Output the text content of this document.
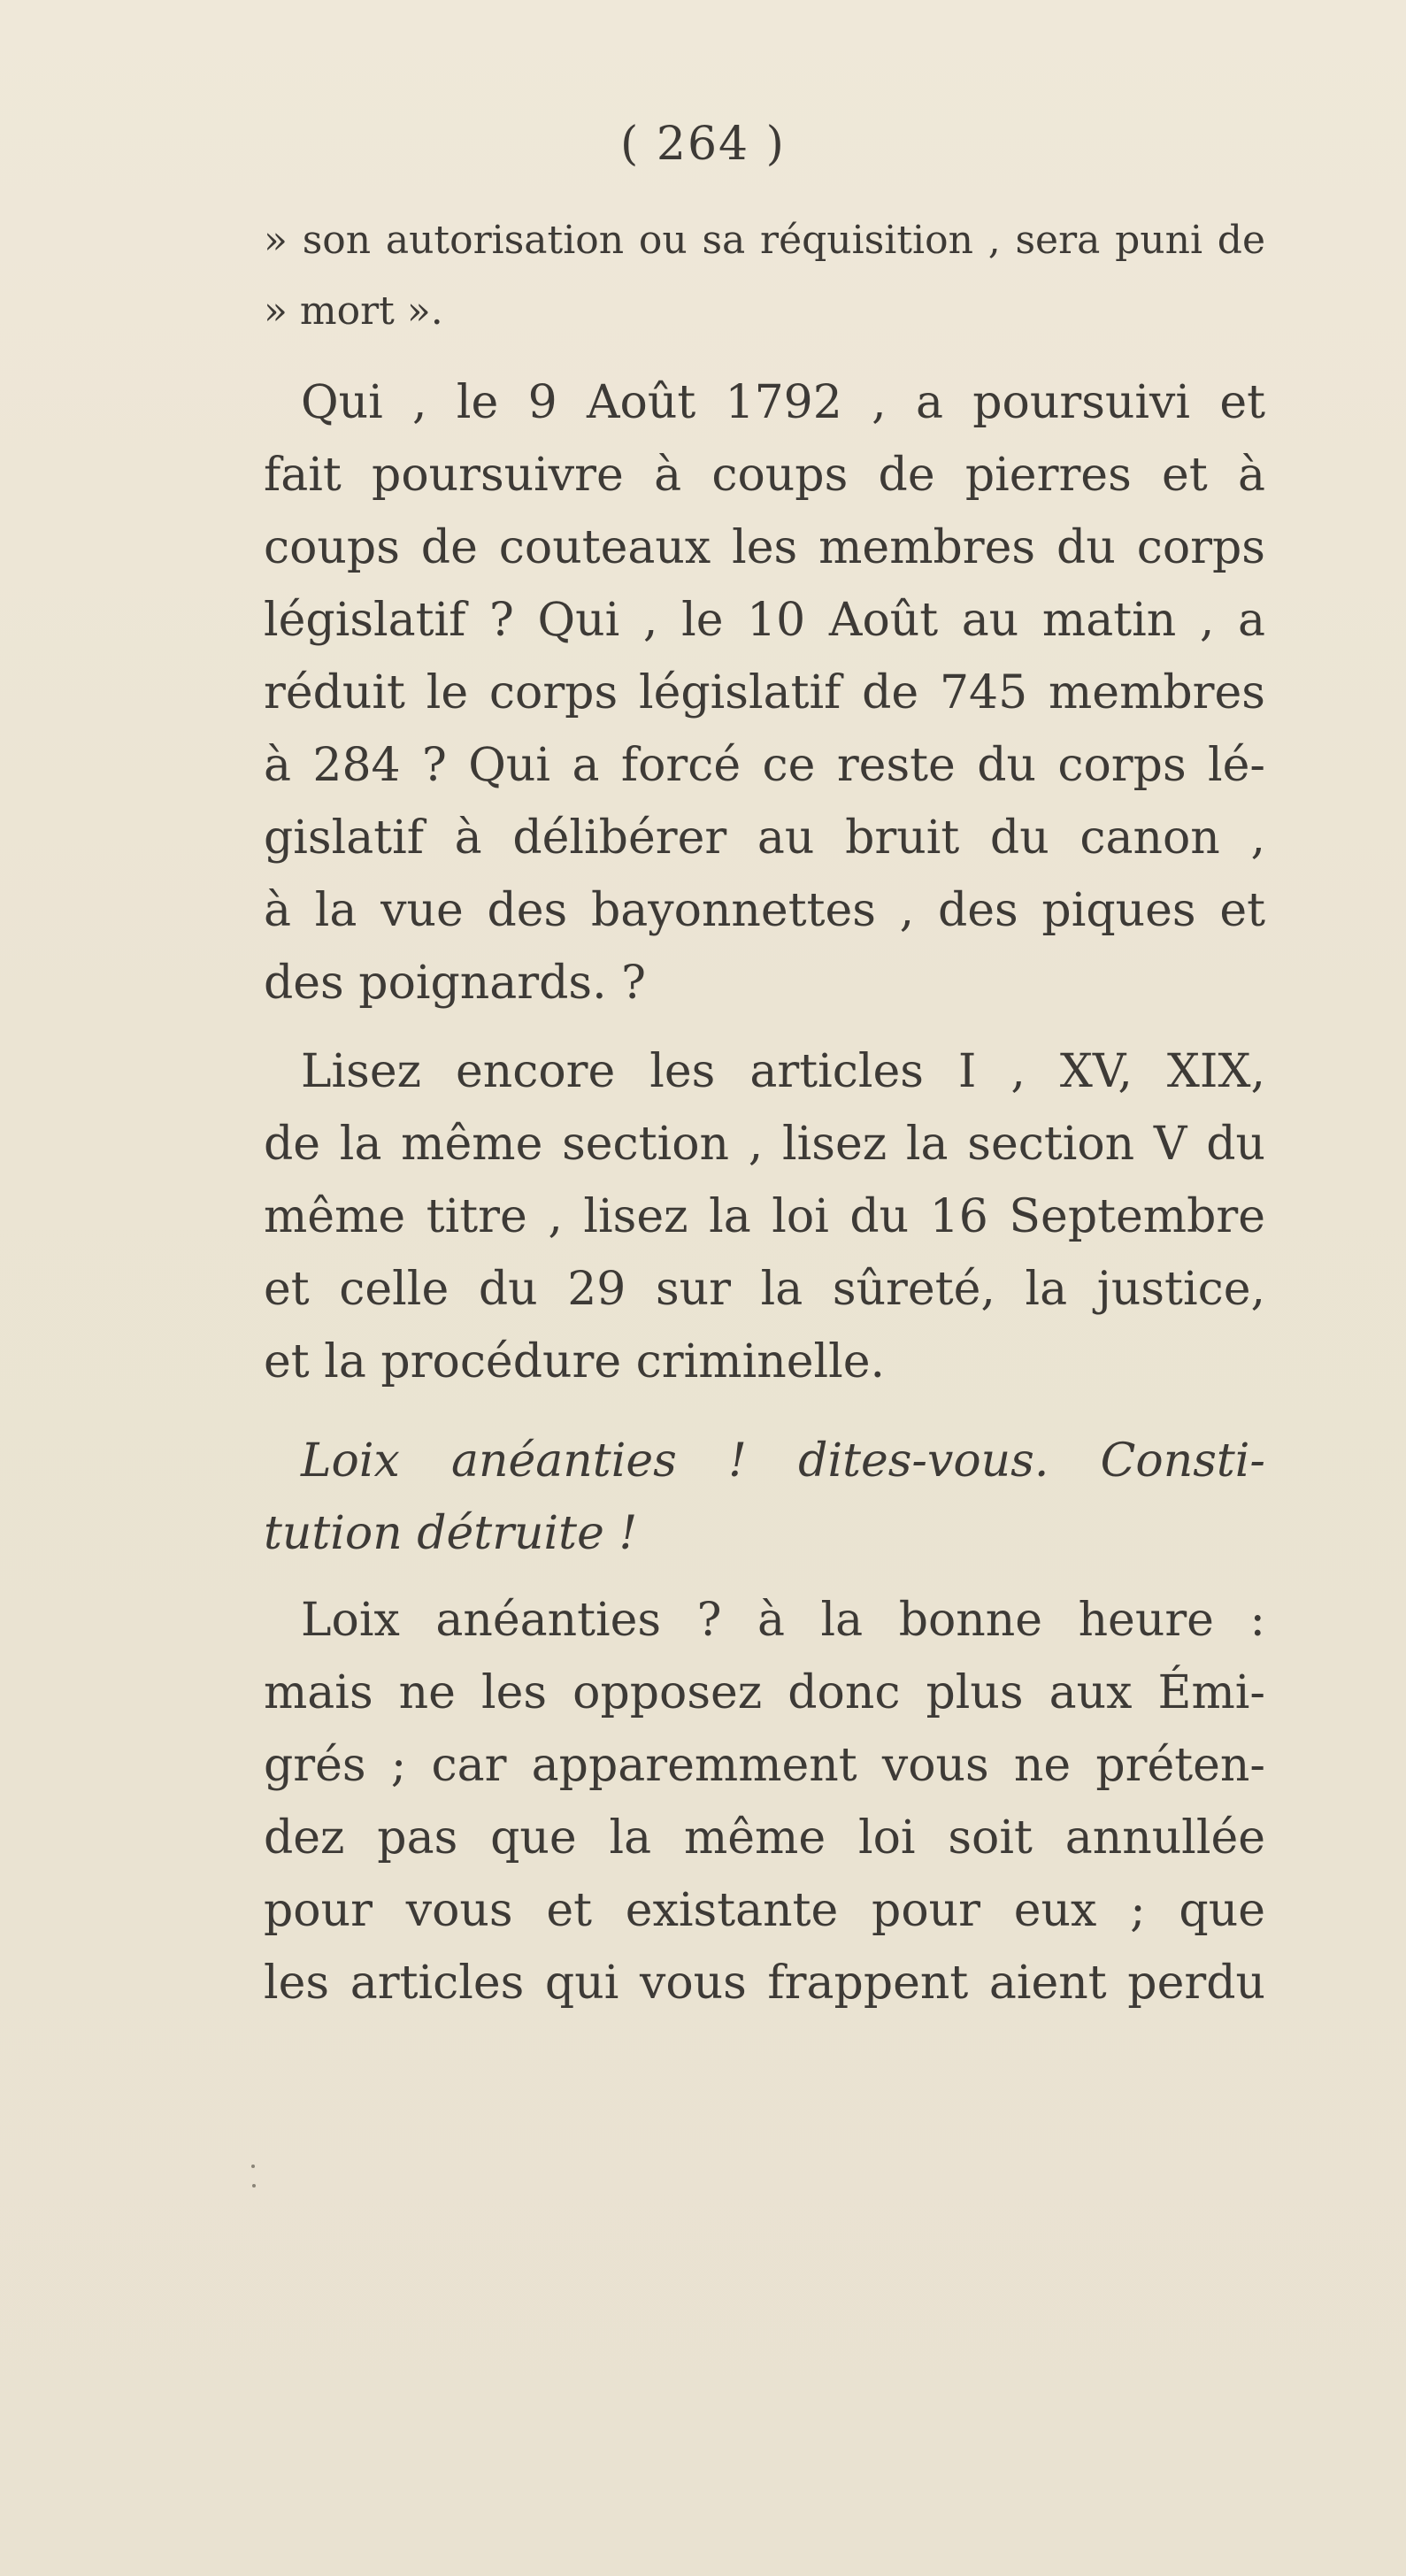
( 264 )
» son autorisation ou sa réquisition , sera puni de
» mort ».
Qui , le 9 Août 1792 , a poursuivi et
fait poursuivre à coups de pierres et à
coups de couteaux les membres du corps
législatif ? Qui , le 10 Août au matin , a
réduit le corps législatif de 745 membres
à 284 ? Qui a forcé ce reste du corps lé-
gislatif à délibérer au bruit du canon ,
à la vue des bayonnettes , des piques et
des poignards. ?
Lisez encore les articles I , XV, XIX,
de la même section , lisez la section V du
même titre , lisez la loi du 16 Septembre
et celle du 29 sur la sûreté, la justice,
et la procédure criminelle.
Loix anéanties ! dites-vous. Consti-
tution détruite !
Loix anéanties ? à la bonne heure :
mais ne les opposez donc plus aux Émi-
grés ; car apparemment vous ne préten-
dez pas que la même loi soit annullée
pour vous et existante pour eux ; que
les articles qui vous frappent aient perdu
